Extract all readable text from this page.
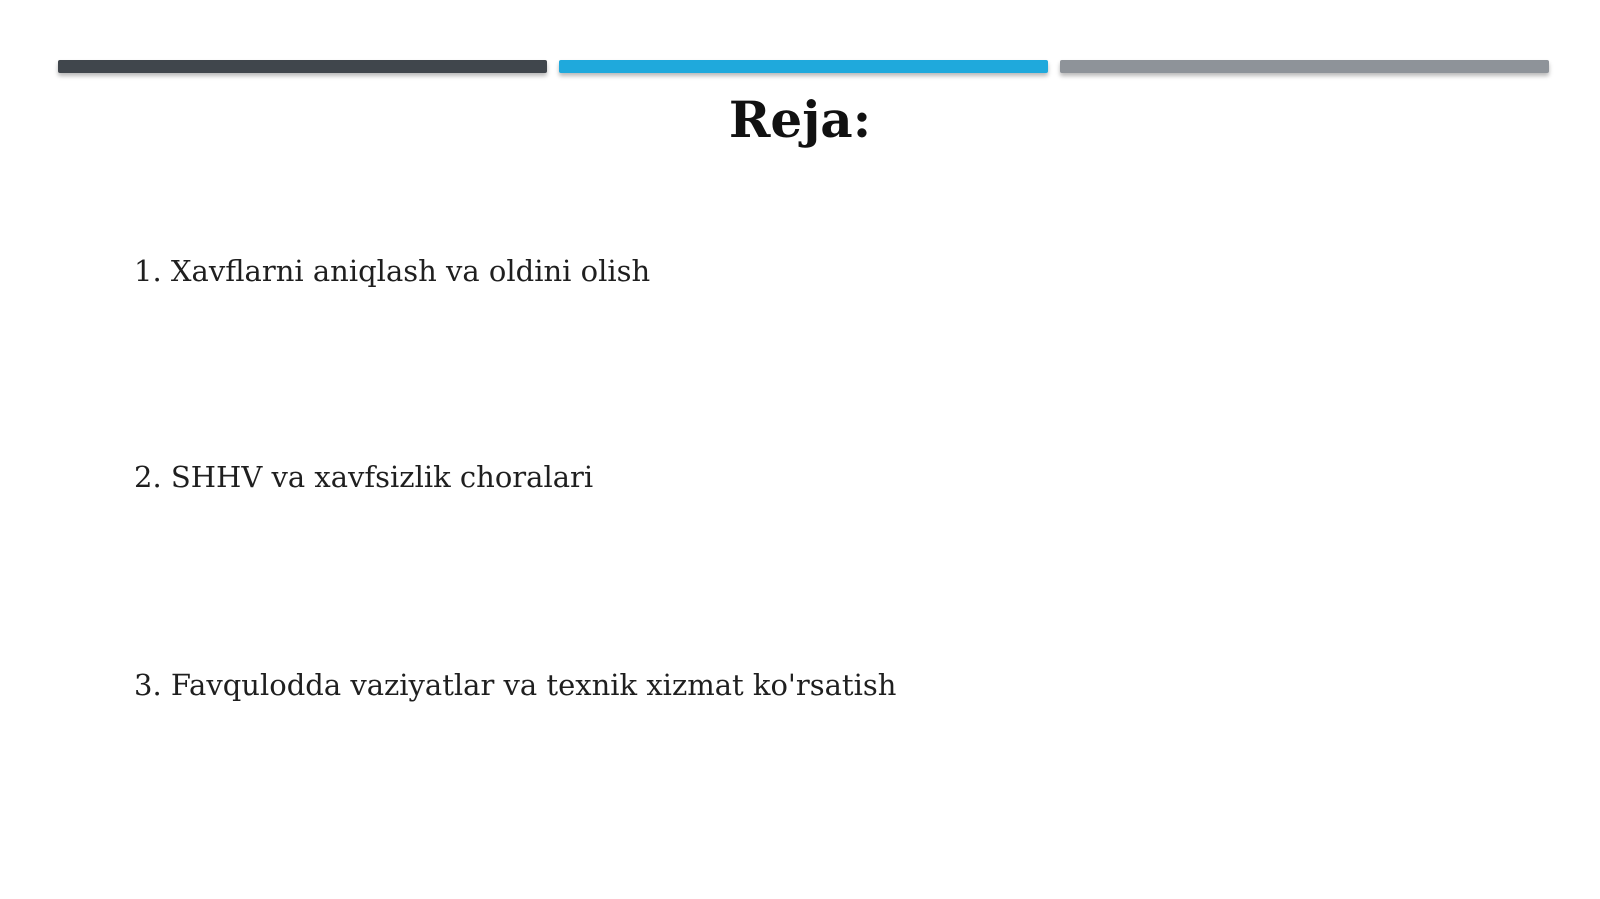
Reja:
1. Xavflarni aniqlash va oldini olish
2. SHHV va xavfsizlik choralari
3. Favqulodda vaziyatlar va texnik xizmat ko'rsatish
